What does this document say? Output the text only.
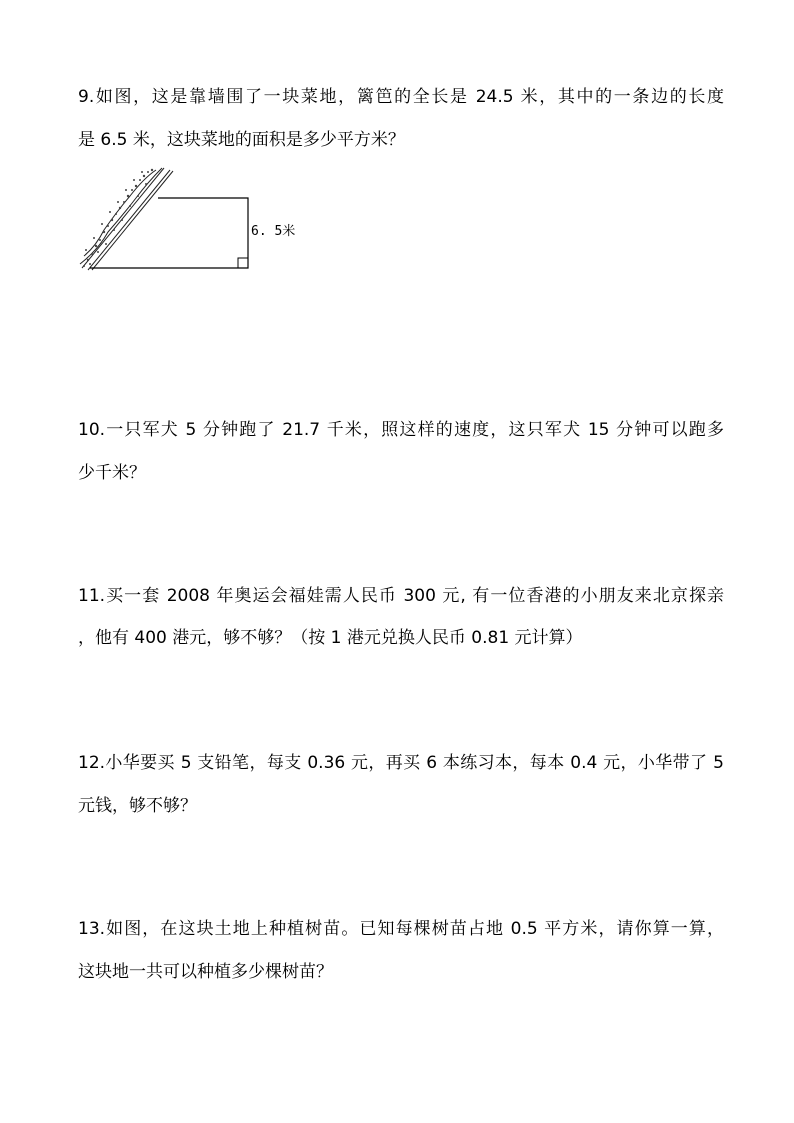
9.如图，这是靠墙围了一块菜地，篱笆的全长是 24.5 米，其中的一条边的长度
是 6.5 米，这块菜地的面积是多少平方米？
6. 5米
10.一只军犬 5 分钟跑了 21.7 千米，照这样的速度，这只军犬 15 分钟可以跑多
少千米？
11.买一套 2008 年奥运会福娃需人民币 300 元, 有一位香港的小朋友来北京探亲
，他有 400 港元，够不够？（按 1 港元兑换人民币 0.81 元计算）
12.小华要买 5 支铅笔，每支 0.36 元，再买 6 本练习本，每本 0.4 元，小华带了 5
元钱，够不够？
13.如图，在这块土地上种植树苗。已知每棵树苗占地 0.5 平方米，请你算一算，
这块地一共可以种植多少棵树苗？
